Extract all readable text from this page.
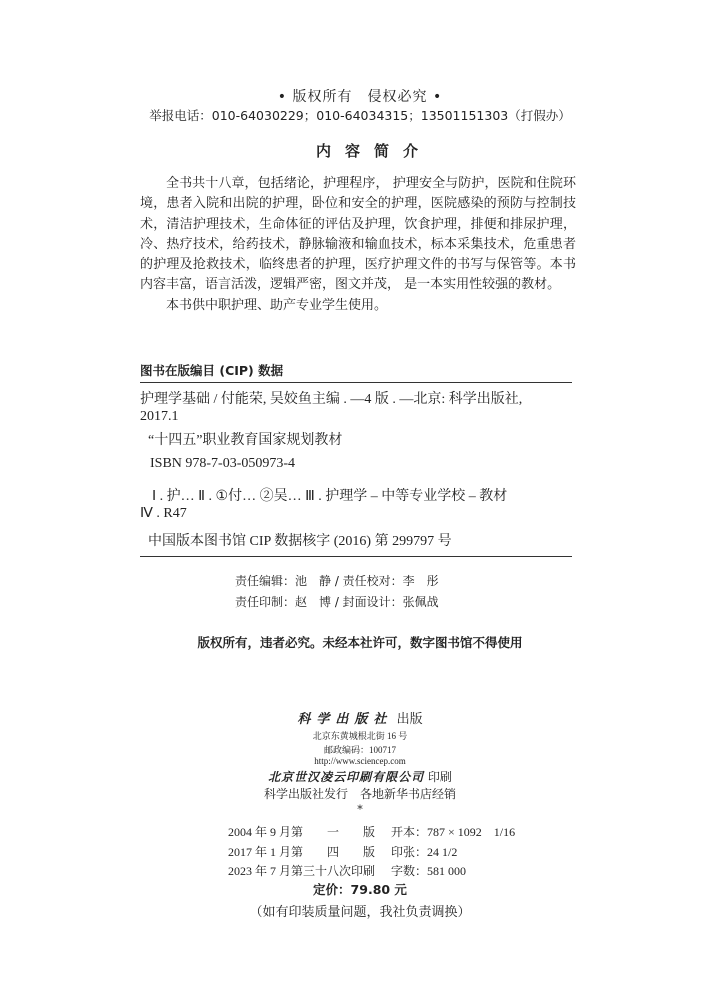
• 版权所有　侵权必究 •
举报电话：010-64030229；010-64034315；13501151303（打假办）
内容简介

全书共十八章，包括绪论，护理程序， 护理安全与防护，医院和住院环境，患者入院和出院的护理，卧位和安全的护理，医院感染的预防与控制技术，清洁护理技术，生命体征的评估及护理，饮食护理，排便和排尿护理，冷、热疗技术，给药技术，静脉输液和输血技术，标本采集技术，危重患者的护理及抢救技术，临终患者的护理，医疗护理文件的书写与保管等。本书内容丰富，语言活泼，逻辑严密，图文并茂， 是一本实用性较强的教材。

本书供中职护理、助产专业学生使用。

图书在版编目 (CIP) 数据
护理学基础 / 付能荣, 吴姣鱼主编 . —4 版 . —北京: 科学出版社,
2017.1
“十四五”职业教育国家规划教材
ISBN 978-7-03-050973-4
Ⅰ . 护… Ⅱ . ①付… ②吴… Ⅲ . 护理学 – 中等专业学校 – 教材
Ⅳ . R47
中国版本图书馆 CIP 数据核字 (2016) 第 299797 号
责任编辑：池　静 / 责任校对：李　彤
责任印制：赵　博 / 封面设计：张佩战
版权所有，违者必究。未经本社许可，数字图书馆不得使用
科学出版社 出版
北京东黄城根北街 16 号
邮政编码：100717
http://www.sciencep.com
北京世汉凌云印刷有限公司 印刷
科学出版社发行　各地新华书店经销
*
2004 年 9 月第　　一　　版 开本：787 × 1092　1/16
2017 年 1 月第　　四　　版 印张：24 1/2
2023 年 7 月第三十八次印刷 字数：581 000
定价：79.80 元
（如有印装质量问题，我社负责调换）
